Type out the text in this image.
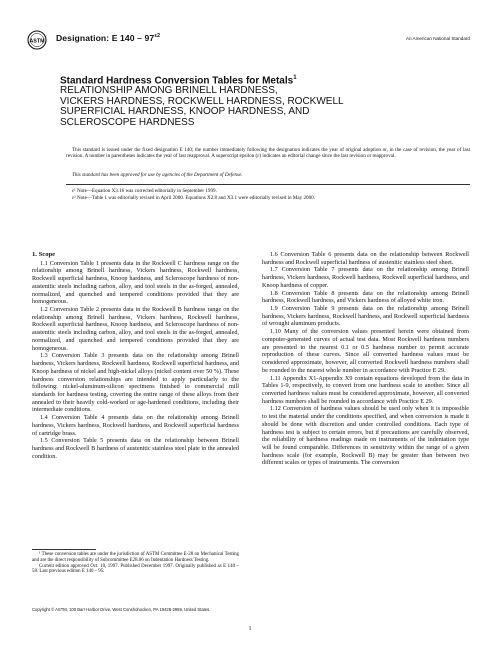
ASTM Designation: E $140 - 97^{\varepsilon 2}$	An American National Standard
Standard Hardness Conversion Tables for Metals$^1$
RELATIONSHIP AMONG BRINELL HARDNESS,
VICKERS HARDNESS, ROCKWELL HARDNESS, ROCKWELL
SUPERFICIAL HARDNESS, KNOOP HARDNESS, AND
SCLEROSCOPE HARDNESS
This standard is issued under the fixed designation E 140; the number immediately following the designation indicates the year of original adoption or, in the case of revision, the year of last revision. A number in parentheses indicates the year of last reapproval. A superscript epsilon (ε) indicates an editorial change since the last revision or reapproval.
This standard has been approved for use by agencies of the Department of Defense.
ε¹ Note—Equation X3.16 was corrected editorially in September 1999.
ε² Note—Table 1 was editorially revised in April 2000. Equations X2.8 and X3.1 were editorially revised in May 2000.
1. Scope

1.1 Conversion Table 1 presents data in the Rockwell C hardness range on the relationship among Brinell hardness, Vickers hardness, Rockwell hardness, Rockwell superficial hardness, Knoop hardness, and Scleroscope hardness of non-austenitic steels including carbon, alloy, and tool steels in the as-forged, annealed, normalized, and quenched and tempered conditions provided that they are homogeneous.

1.2 Conversion Table 2 presents data in the Rockwell B hardness range on the relationship among Brinell hardness, Vickers hardness, Rockwell hardness, Rockwell superficial hardness, Knoop hardness, and Scleroscope hardness of non-austenitic steels including carbon, alloy, and tool steels in the as-forged, annealed, normalized, and quenched and tempered conditions provided that they are homogeneous.

1.3 Conversion Table 3 presents data on the relationship among Brinell hardness, Vickers hardness, Rockwell hardness, Rockwell superficial hardness, and Knoop hardness of nickel and high-nickel alloys (nickel content over 50 %). These hardness conversion relationships are intended to apply particularly to the following: nickel-aluminum-silicon specimens finished to commercial mill standards for hardness testing, covering the entire range of these alloys from their annealed to their heavily cold-worked or age-hardened conditions, including their intermediate conditions.

1.4 Conversion Table 4 presents data on the relationship among Brinell hardness, Vickers hardness, Rockwell hardness, and Rockwell superficial hardness of cartridge brass.

1.5 Conversion Table 5 presents data on the relationship between Brinell hardness and Rockwell B hardness of austenitic stainless steel plate in the annealed condition.

1.6 Conversion Table 6 presents data on the relationship between Rockwell hardness and Rockwell superficial hardness of austenitic stainless steel sheet.

1.7 Conversion Table 7 presents data on the relationship among Brinell hardness, Vickers hardness, Rockwell hardness, Rockwell superficial hardness, and Knoop hardness of copper.

1.8 Conversion Table 8 presents data on the relationship among Brinell hardness, Rockwell hardness, and Vickers hardness of alloyed white iron.

1.9 Conversion Table 9 presents data on the relationship among Brinell hardness, Vickers hardness, Rockwell hardness, and Rockwell superficial hardness of wrought aluminum products.

1.10 Many of the conversion values presented herein were obtained from computer-generated curves of actual test data. Most Rockwell hardness numbers are presented to the nearest 0.1 or 0.5 hardness number to permit accurate reproduction of these curves. Since all converted hardness values must be considered approximate, however, all converted Rockwell hardness numbers shall be rounded to the nearest whole number in accordance with Practice E 29.

1.11 Appendix X1-Appendix X9 contain equations developed from the data in Tables 1-9, respectively, to convert from one hardness scale to another. Since all converted hardness values must be considered approximate, however, all converted hardness numbers shall be rounded in accordance with Practice E 29.

1.12 Conversion of hardness values should be used only when it is impossible to test the material under the conditions specified, and when conversion is made it should be done with discretion and under controlled conditions. Each type of hardness test is subject to certain errors, but if precautions are carefully observed, the reliability of hardness readings made on instruments of the indentation type will be found comparable. Differences in sensitivity within the range of a given hardness scale (for example, Rockwell B) may be greater than between two different scales or types of instruments. The conversion

¹ These conversion tables are under the jurisdiction of ASTM Committee E-28 on Mechanical Testing and are the direct responsibility of Subcommittee E28.06 on Indentation Hardness Testing.

Current edition approved Oct. 10, 1997. Published December 1997. Originally published as E 140 – 58. Last previous edition E 140 – 95.

Copyright © ASTM, 100 Barr Harbor Drive, West Conshohocken, PA 19428-2959, United States.
1
